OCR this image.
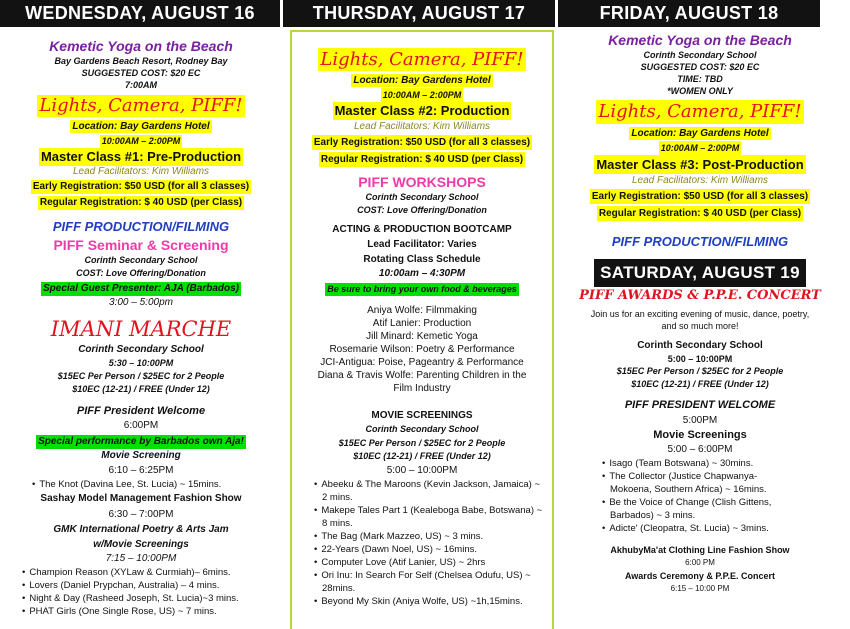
WEDNESDAY, AUGUST 16	THURSDAY, AUGUST 17	FRIDAY, AUGUST 18
Kemetic Yoga on the Beach
Bay Gardens Beach Resort, Rodney Bay
SUGGESTED COST: $20 EC
7:00AM
Lights, Camera, PIFF!
Location: Bay Gardens Hotel
10:00AM – 2:00PM
Master Class #1: Pre-Production
Lead Facilitators: Kim Williams
Early Registration: $50 USD (for all 3 classes)
Regular Registration: $ 40 USD (per Class)
PIFF PRODUCTION/FILMING
PIFF Seminar & Screening
Corinth Secondary School
COST: Love Offering/Donation
Special Guest Presenter: AJA (Barbados)
3:00 – 5:00pm
IMANI MARCHE
Corinth Secondary School
5:30 – 10:00PM
$15EC Per Person / $25EC for 2 People
$10EC (12-21) / FREE (Under 12)
PIFF President Welcome
6:00PM
Special performance by Barbados own Aja!
Movie Screening
6:10 – 6:25PM
• The Knot (Davina Lee, St. Lucia) ~ 15mins.
Sashay Model Management Fashion Show
6:30 – 7:00PM
GMK International Poetry & Arts Jam
w/Movie Screenings
7:15 – 10:00PM
• Champion Reason (XYLaw & Curmiah)– 6mins.
• Lovers (Daniel Prypchan, Australia) – 4 mins.
• Night & Day (Rasheed Joseph, St. Lucia)~3 mins.
• PHAT Girls (One Single Rose, US) ~ 7 mins.
Lights, Camera, PIFF!
Location: Bay Gardens Hotel
10:00AM – 2:00PM
Master Class #2: Production
Lead Facilitators: Kim Williams
Early Registration: $50 USD (for all 3 classes)
Regular Registration: $ 40 USD (per Class)
PIFF WORKSHOPS
Corinth Secondary School
COST: Love Offering/Donation
ACTING & PRODUCTION BOOTCAMP
Lead Facilitator: Varies
Rotating Class Schedule
10:00am – 4:30PM
Be sure to bring your own food & beverages
Aniya Wolfe: Filmmaking
Atif Lanier: Production
Jill Minard: Kemetic Yoga
Rosemarie Wilson: Poetry & Performance
JCI-Antigua: Poise, Pageantry & Performance
Diana & Travis Wolfe: Parenting Children in the
Film Industry
MOVIE SCREENINGS
Corinth Secondary School
$15EC Per Person / $25EC for 2 People
$10EC (12-21) / FREE (Under 12)
5:00 – 10:00PM
• Abeeku & The Maroons (Kevin Jackson, Jamaica) ~ 2 mins.
• Makepe Tales Part 1 (Kealeboga Babe, Botswana) ~ 8 mins.
• The Bag (Mark Mazzeo, US) ~ 3 mins.
• 22-Years (Dawn Noel, US) ~ 16mins.
• Computer Love (Atif Lanier, US) ~ 2hrs
• Ori Inu: In Search For Self (Chelsea Odufu, US) ~ 28mins.
• Beyond My Skin (Aniya Wolfe, US) ~1h,15mins.
Kemetic Yoga on the Beach
Corinth Secondary School
SUGGESTED COST: $20 EC
TIME: TBD
*WOMEN ONLY
Lights, Camera, PIFF!
Location: Bay Gardens Hotel
10:00AM – 2:00PM
Master Class #3: Post-Production
Lead Facilitators: Kim Williams
Early Registration: $50 USD (for all 3 classes)
Regular Registration: $ 40 USD (per Class)
PIFF PRODUCTION/FILMING
SATURDAY, AUGUST 19
PIFF AWARDS & P.P.E. CONCERT
Join us for an exciting evening of music, dance, poetry,
and so much more!
Corinth Secondary School
5:00 – 10:00PM
$15EC Per Person / $25EC for 2 People
$10EC (12-21) / FREE (Under 12)
PIFF PRESIDENT WELCOME
5:00PM
Movie Screenings
5:00 – 6:00PM
• Isago (Team Botswana) ~ 30mins.
• The Collector (Justice Chapwanya-Mokoena, Southern Africa) ~ 16mins.
• Be the Voice of Change (Clish Gittens, Barbados) ~ 3 mins.
• Adicte' (Cleopatra, St. Lucia) ~ 3mins.
AkhubyMa'at Clothing Line Fashion Show
6:00 PM
Awards Ceremony & P.P.E. Concert
6:15 – 10:00 PM
